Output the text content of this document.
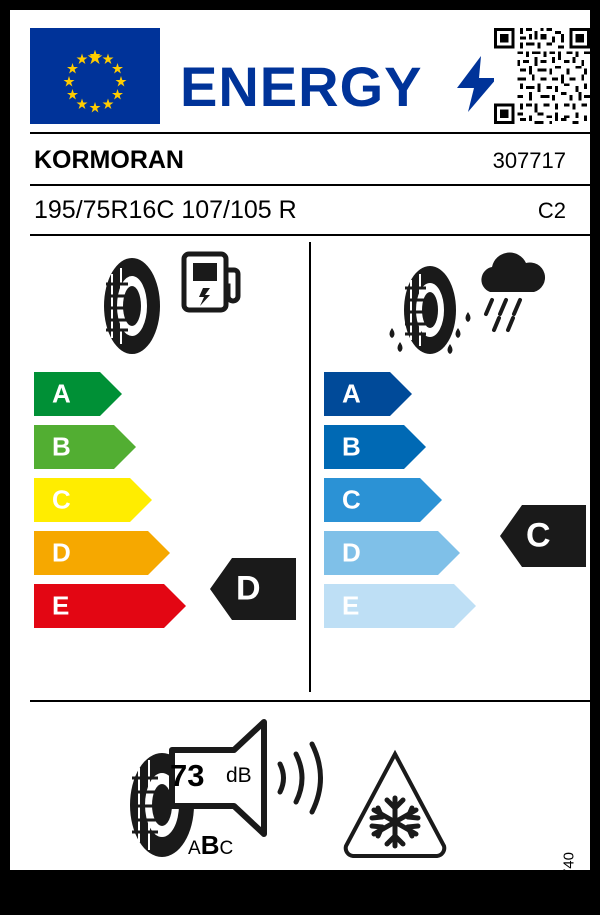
ENERGY
KORMORAN	307717
195/75R16C 107/105 R	C2
A
B
C
D
E	D
A
B
C
D
E
C
73 dB
ABC
2020/740
